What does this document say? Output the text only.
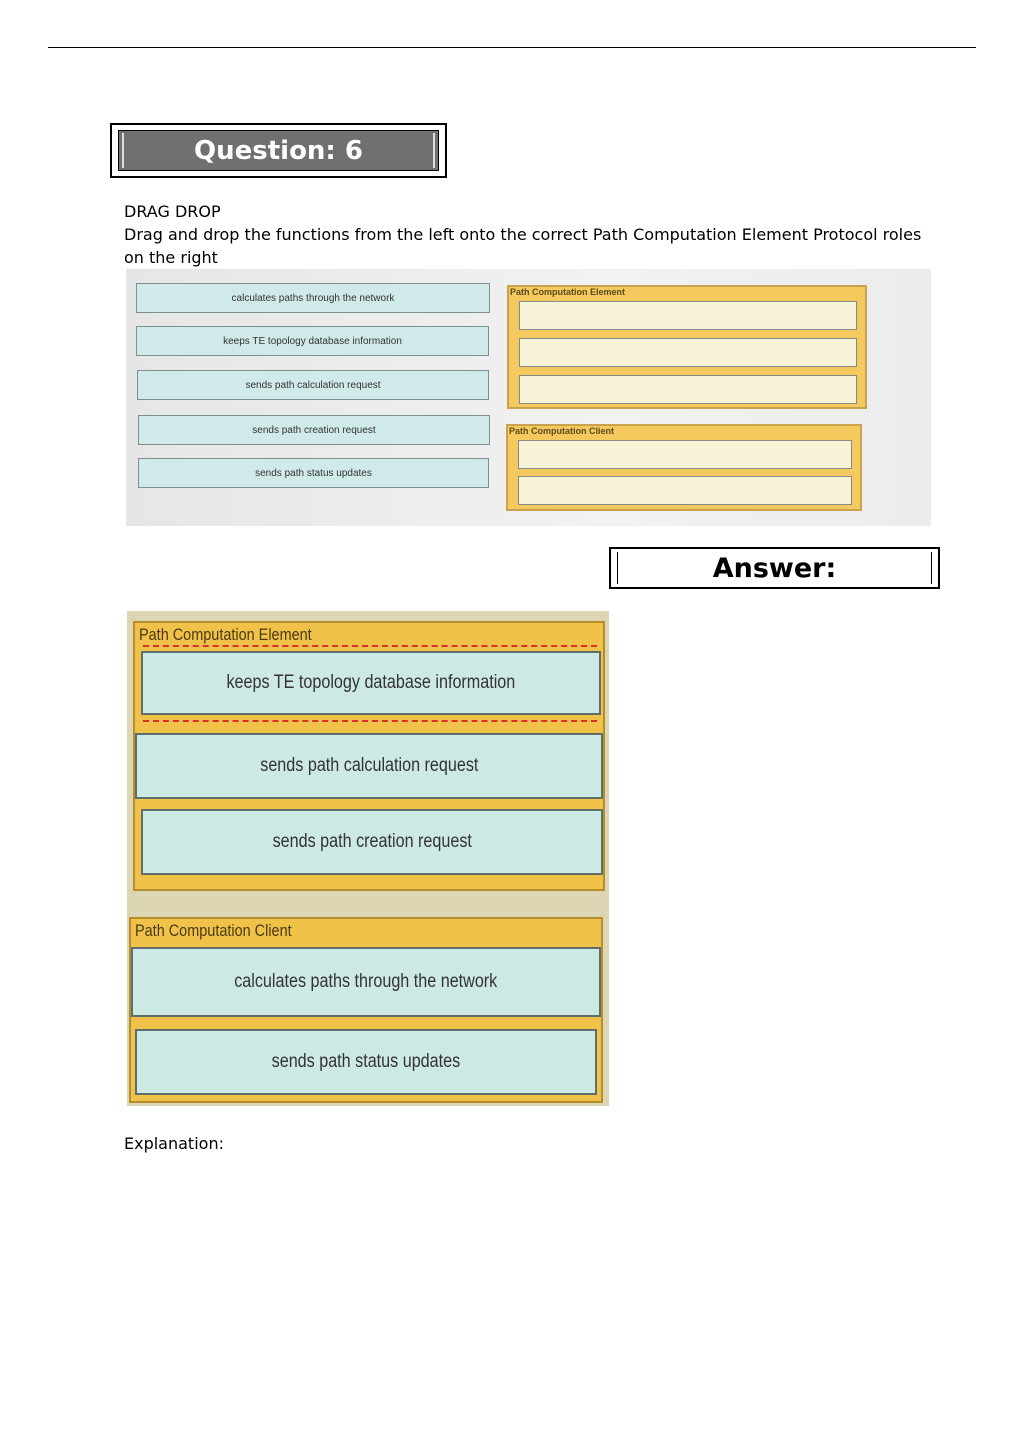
Question: 6
DRAG DROP
Drag and drop the functions from the left onto the correct Path Computation Element Protocol roles
on the right
calculates paths through the network
keeps TE topology database information
sends path calculation request
sends path creation request
sends path status updates
Path Computation Element
Path Computation Client
Answer:
Path Computation Element
keeps TE topology database information
sends path calculation request
sends path creation request
Path Computation Client
calculates paths through the network
sends path status updates
Explanation:
